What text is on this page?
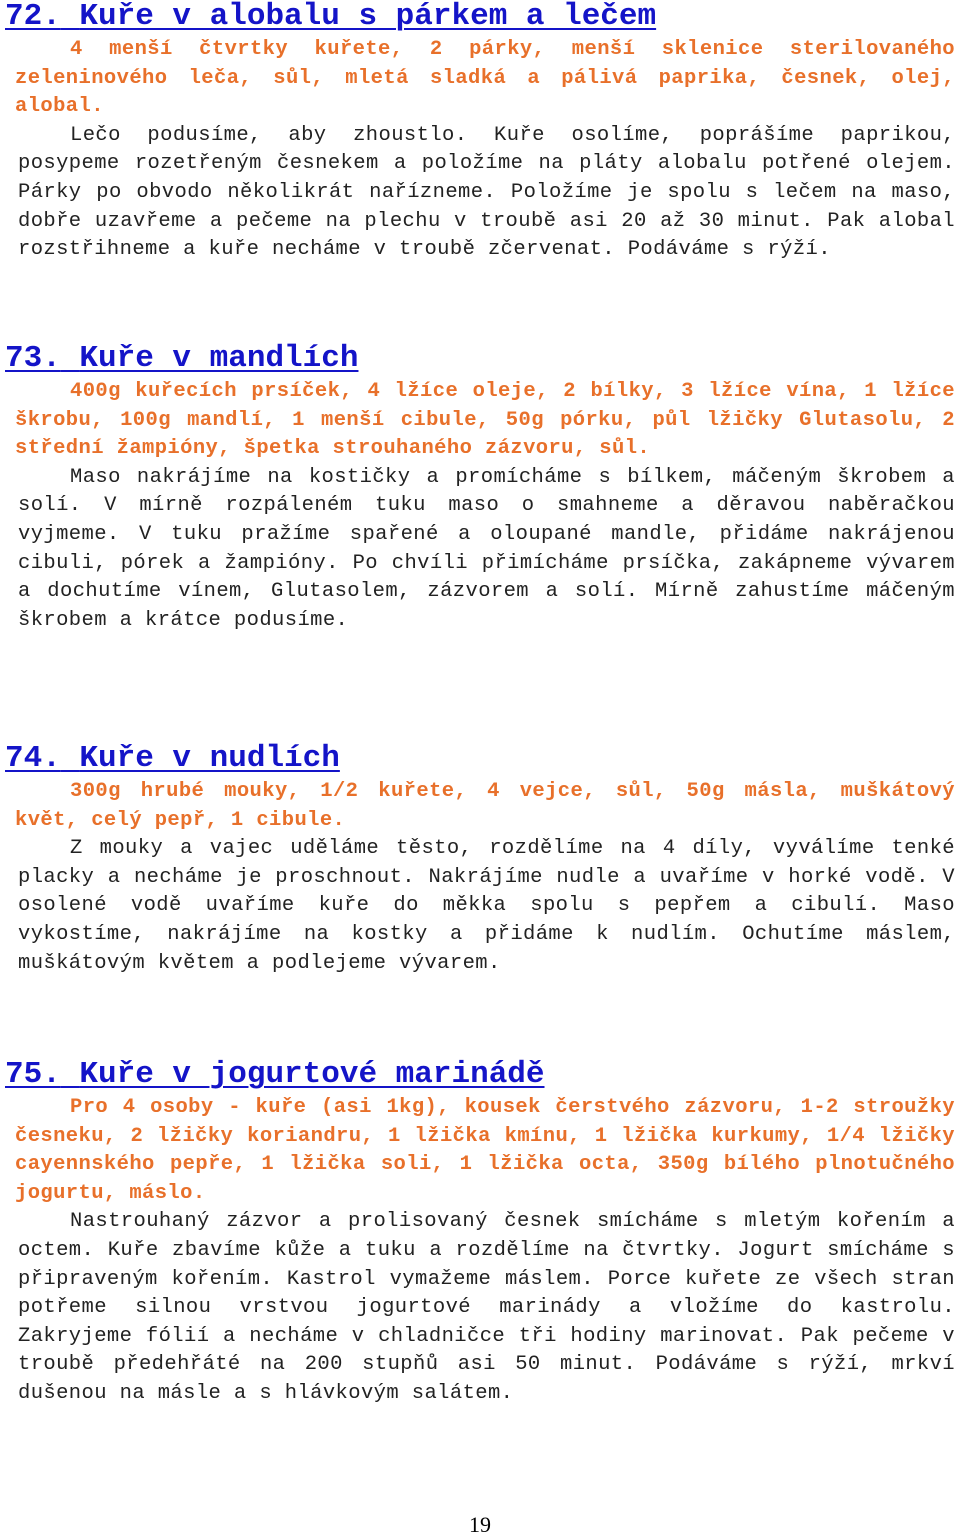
72. Kuře v alobalu s párkem a lečem

4 menší čtvrtky kuřete, 2 párky, menší sklenice sterilovaného zeleninového leča, sůl, mletá sladká a pálivá paprika, česnek, olej, alobal.

Lečo podusíme, aby zhoustlo. Kuře osolíme, poprášíme paprikou, posypeme rozetřeným česnekem a položíme na pláty alobalu potřené olejem. Párky po obvodo několikrát nařízneme. Položíme je spolu s lečem na maso, dobře uzavřeme a pečeme na plechu v troubě asi 20 až 30 minut. Pak alobal rozstřihneme a kuře necháme v troubě zčervenat. Podáváme s rýží.

73. Kuře v mandlích

400g kuřecích prsíček, 4 lžíce oleje, 2 bílky, 3 lžíce vína, 1 lžíce škrobu, 100g mandlí, 1 menší cibule, 50g pórku, půl lžičky Glutasolu, 2 střední žampióny, špetka strouhaného zázvoru, sůl.

Maso nakrájíme na kostičky a promícháme s bílkem, máčeným škrobem a solí. V mírně rozpáleném tuku maso o smahneme a děravou naběračkou vyjmeme. V tuku pražíme spařené a oloupané mandle, přidáme nakrájenou cibuli, pórek a žampióny. Po chvíli přimícháme prsíčka, zakápneme vývarem a dochutíme vínem, Glutasolem, zázvorem a solí. Mírně zahustíme máčeným škrobem a krátce podusíme.

74. Kuře v nudlích

300g hrubé mouky, 1/2 kuřete, 4 vejce, sůl, 50g másla, muškátový květ, celý pepř, 1 cibule.

Z mouky a vajec uděláme těsto, rozdělíme na 4 díly, vyválíme tenké placky a necháme je proschnout. Nakrájíme nudle a uvaříme v horké vodě. V osolené vodě uvaříme kuře do měkka spolu s pepřem a cibulí. Maso vykostíme, nakrájíme na kostky a přidáme k nudlím. Ochutíme máslem, muškátovým květem a podlejeme vývarem.

75. Kuře v jogurtové marinádě

Pro 4 osoby - kuře (asi 1kg), kousek čerstvého zázvoru, 1-2 stroužky česneku, 2 lžičky koriandru, 1 lžička kmínu, 1 lžička kurkumy, 1/4 lžičky cayennského pepře, 1 lžička soli, 1 lžička octa, 350g bílého plnotučného jogurtu, máslo.

Nastrouhaný zázvor a prolisovaný česnek smícháme s mletým kořením a octem. Kuře zbavíme kůže a tuku a rozdělíme na čtvrtky. Jogurt smícháme s připraveným kořením. Kastrol vymažeme máslem. Porce kuřete ze všech stran potřeme silnou vrstvou jogurtové marinády a vložíme do kastrolu. Zakryjeme fólií a necháme v chladničce tři hodiny marinovat. Pak pečeme v troubě předehřáté na 200 stupňů asi 50 minut. Podáváme s rýží, mrkví dušenou na másle a s hlávkovým salátem.

19
